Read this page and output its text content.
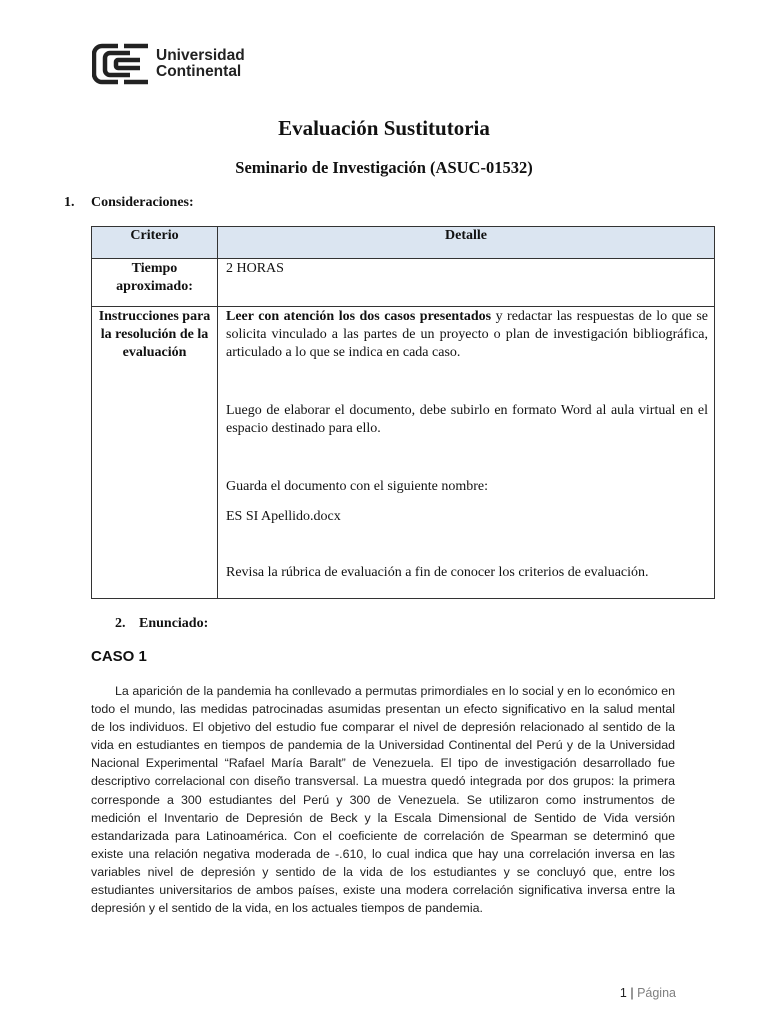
Universidad
Continental
Evaluación Sustitutoria
Seminario de Investigación (ASUC-01532)
1. Consideraciones:
Criterio	Detalle
Tiempo aproximado:	2 HORAS
Instrucciones para la resolución de la evaluación	Leer con atención los dos casos presentados y redactar las respuestas de lo que se solicita vinculado a las partes de un proyecto o plan de investigación bibliográfica, articulado a lo que se indica en cada caso.

Luego de elaborar el documento, debe subirlo en formato Word al aula virtual en el espacio destinado para ello.

Guarda el documento con el siguiente nombre:

ES SI Apellido.docx

Revisa la rúbrica de evaluación a fin de conocer los criterios de evaluación.

2. Enunciado:
CASO 1

La aparición de la pandemia ha conllevado a permutas primordiales en lo social y en lo económico en todo el mundo, las medidas patrocinadas asumidas presentan un efecto significativo en la salud mental de los individuos. El objetivo del estudio fue comparar el nivel de depresión relacionado al sentido de la vida en estudiantes en tiempos de pandemia de la Universidad Continental del Perú y de la Universidad Nacional Experimental “Rafael María Baralt” de Venezuela. El tipo de investigación desarrollado fue descriptivo correlacional con diseño transversal. La muestra quedó integrada por dos grupos: la primera corresponde a 300 estudiantes del Perú y 300 de Venezuela. Se utilizaron como instrumentos de medición el Inventario de Depresión de Beck y la Escala Dimensional de Sentido de Vida versión estandarizada para Latinoamérica. Con el coeficiente de correlación de Spearman se determinó que existe una relación negativa moderada de -.610, lo cual indica que hay una correlación inversa en las variables nivel de depresión y sentido de la vida de los estudiantes y se concluyó que, entre los estudiantes universitarios de ambos países, existe una modera correlación significativa inversa entre la depresión y el sentido de la vida, en los actuales tiempos de pandemia.

1 | Página
